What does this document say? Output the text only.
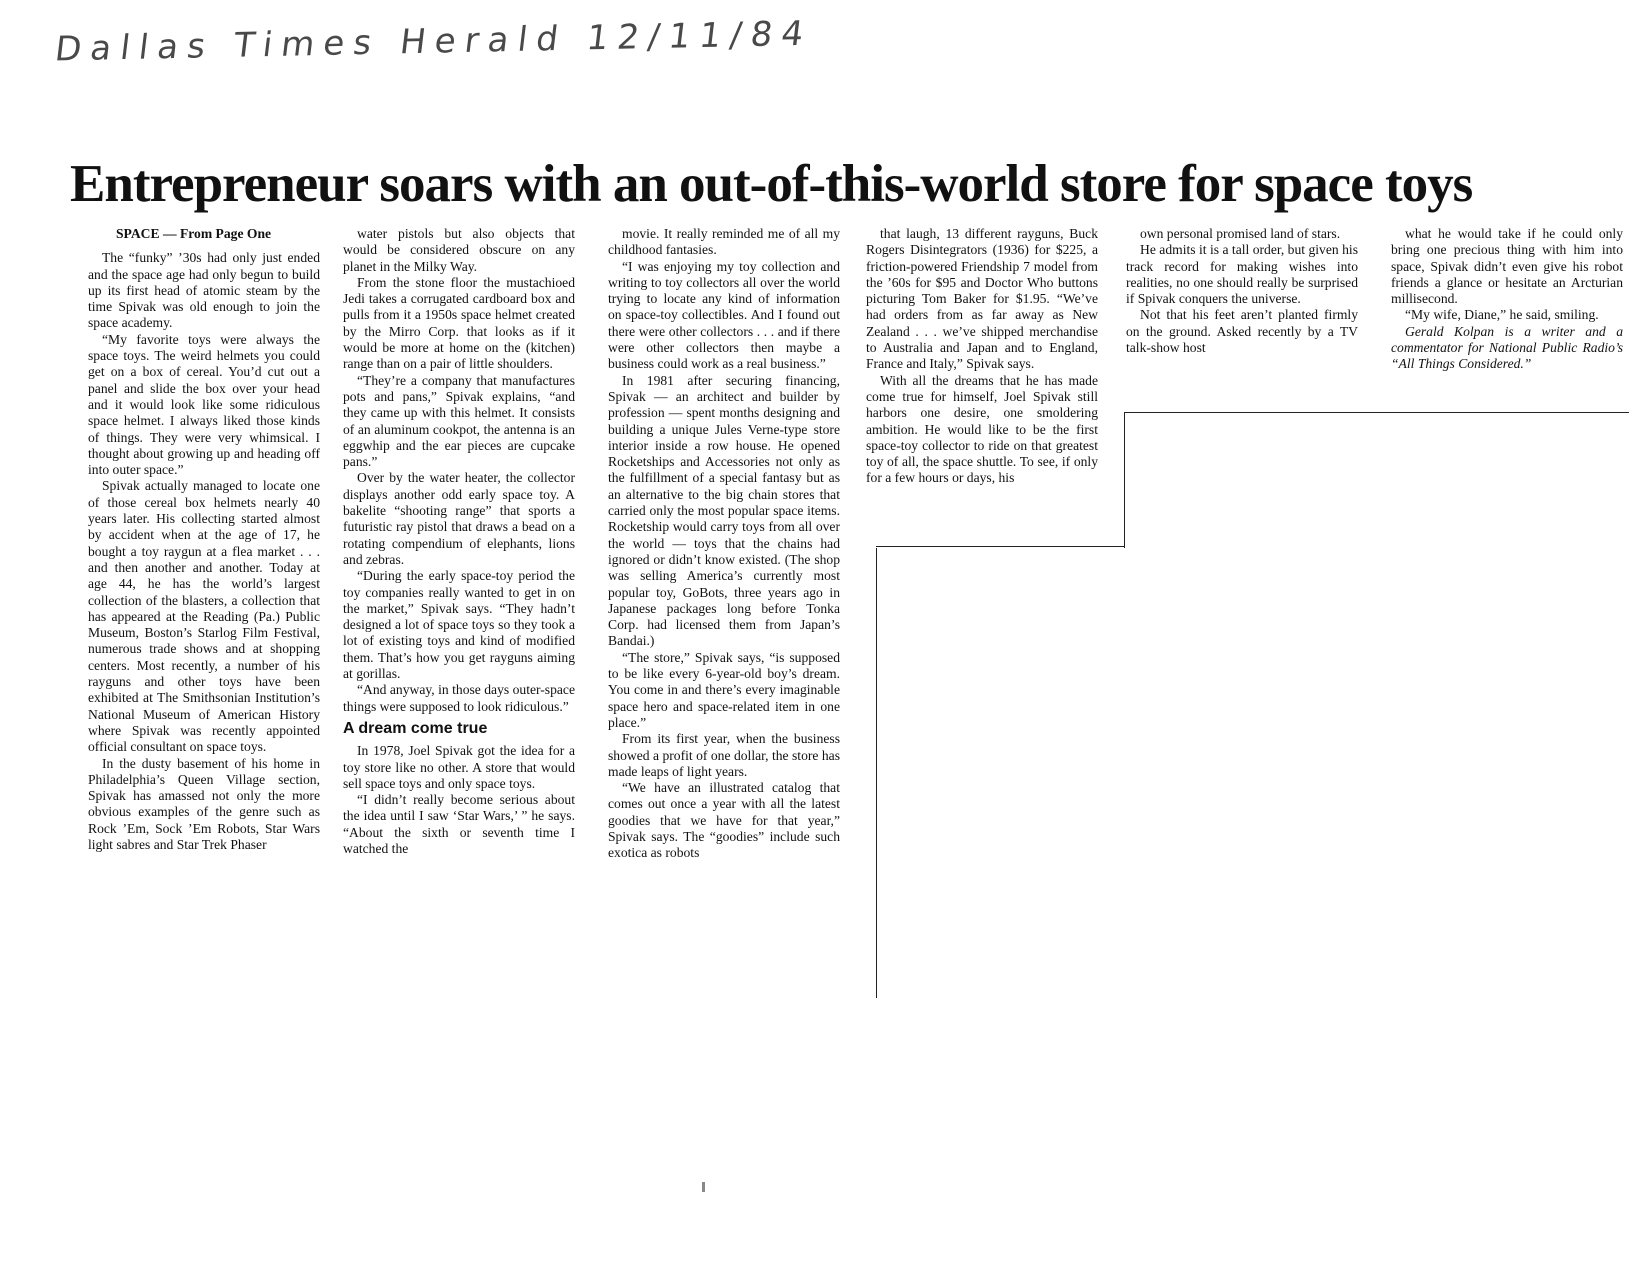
Dallas Times Herald 12/11/84
Entrepreneur soars with an out-of-this-world store for space toys

SPACE — From Page One

The “funky” ’30s had only just ended and the space age had only begun to build up its first head of atomic steam by the time Spivak was old enough to join the space academy.

“My favorite toys were always the space toys. The weird helmets you could get on a box of cereal. You’d cut out a panel and slide the box over your head and it would look like some ridiculous space helmet. I always liked those kinds of things. They were very whimsical. I thought about growing up and heading off into outer space.”

Spivak actually managed to locate one of those cereal box helmets nearly 40 years later. His collecting started almost by accident when at the age of 17, he bought a toy raygun at a flea market . . . and then another and another. Today at age 44, he has the world’s largest collection of the blasters, a collection that has appeared at the Reading (Pa.) Public Museum, Boston’s Starlog Film Festival, numerous trade shows and at shopping centers. Most recently, a number of his rayguns and other toys have been exhibited at The Smithsonian Institution’s National Museum of American History where Spivak was recently appointed official consultant on space toys.

In the dusty basement of his home in Philadelphia’s Queen Village section, Spivak has amassed not only the more obvious examples of the genre such as Rock ’Em, Sock ’Em Robots, Star Wars light sabres and Star Trek Phaser

water pistols but also objects that would be considered obscure on any planet in the Milky Way.

From the stone floor the mustachioed Jedi takes a corrugated cardboard box and pulls from it a 1950s space helmet created by the Mirro Corp. that looks as if it would be more at home on the (kitchen) range than on a pair of little shoulders.

“They’re a company that manufactures pots and pans,” Spivak explains, “and they came up with this helmet. It consists of an aluminum cookpot, the antenna is an eggwhip and the ear pieces are cupcake pans.”

Over by the water heater, the collector displays another odd early space toy. A bakelite “shooting range” that sports a futuristic ray pistol that draws a bead on a rotating compendium of elephants, lions and zebras.

“During the early space-toy period the toy companies really wanted to get in on the market,” Spivak says. “They hadn’t designed a lot of space toys so they took a lot of existing toys and kind of modified them. That’s how you get rayguns aiming at gorillas.

“And anyway, in those days outer-space things were supposed to look ridiculous.”

A dream come true

In 1978, Joel Spivak got the idea for a toy store like no other. A store that would sell space toys and only space toys.

“I didn’t really become serious about the idea until I saw ‘Star Wars,’ ” he says. “About the sixth or seventh time I watched the

movie. It really reminded me of all my childhood fantasies.

“I was enjoying my toy collection and writing to toy collectors all over the world trying to locate any kind of information on space-toy collectibles. And I found out there were other collectors . . . and if there were other collectors then maybe a business could work as a real business.”

In 1981 after securing financing, Spivak — an architect and builder by profession — spent months designing and building a unique Jules Verne-type store interior inside a row house. He opened Rocketships and Accessories not only as the fulfillment of a special fantasy but as an alternative to the big chain stores that carried only the most popular space items. Rocketship would carry toys from all over the world — toys that the chains had ignored or didn’t know existed. (The shop was selling America’s currently most popular toy, GoBots, three years ago in Japanese packages long before Tonka Corp. had licensed them from Japan’s Bandai.)

“The store,” Spivak says, “is supposed to be like every 6-year-old boy’s dream. You come in and there’s every imaginable space hero and space-related item in one place.”

From its first year, when the business showed a profit of one dollar, the store has made leaps of light years.

“We have an illustrated catalog that comes out once a year with all the latest goodies that we have for that year,” Spivak says. The “goodies” include such exotica as robots

that laugh, 13 different rayguns, Buck Rogers Disintegrators (1936) for $225, a friction-powered Friendship 7 model from the ’60s for $95 and Doctor Who buttons picturing Tom Baker for $1.95. “We’ve had orders from as far away as New Zealand . . . we’ve shipped merchandise to Australia and Japan and to England, France and Italy,” Spivak says.

With all the dreams that he has made come true for himself, Joel Spivak still harbors one desire, one smoldering ambition. He would like to be the first space-toy collector to ride on that greatest toy of all, the space shuttle. To see, if only for a few hours or days, his

own personal promised land of stars.

He admits it is a tall order, but given his track record for making wishes into realities, no one should really be surprised if Spivak conquers the universe.

Not that his feet aren’t planted firmly on the ground. Asked recently by a TV talk-show host

what he would take if he could only bring one precious thing with him into space, Spivak didn’t even give his robot friends a glance or hesitate an Arcturian millisecond.

“My wife, Diane,” he said, smiling.

Gerald Kolpan is a writer and a commentator for National Public Radio’s “All Things Considered.”
